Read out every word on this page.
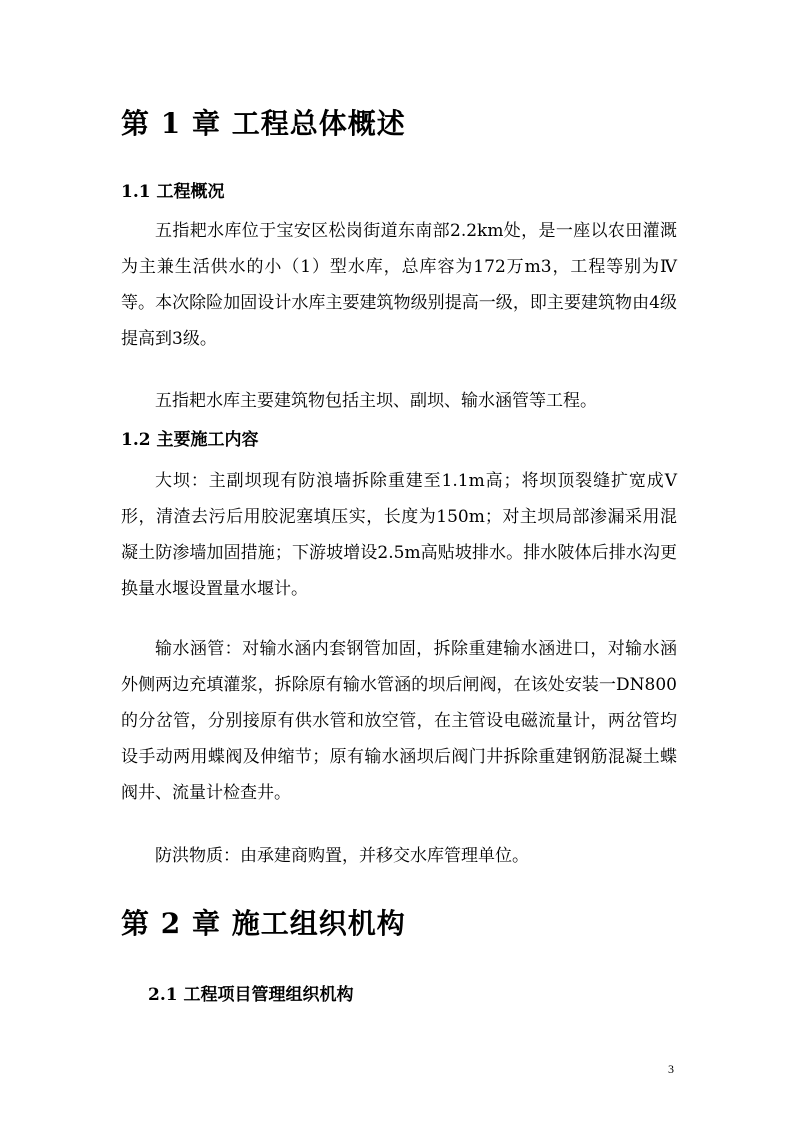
第 1 章 工程总体概述
1.1 工程概况
五指耙水库位于宝安区松岗街道东南部2.2km处，是一座以农田灌溉为主兼生活供水的小（1）型水库，总库容为172万m3，工程等别为Ⅳ等。本次除险加固设计水库主要建筑物级别提高一级，即主要建筑物由4级提高到3级。
五指耙水库主要建筑物包括主坝、副坝、输水涵管等工程。
1.2 主要施工内容
大坝：主副坝现有防浪墙拆除重建至1.1m高；将坝顶裂缝扩宽成V形，清渣去污后用胶泥塞填压实，长度为150m；对主坝局部渗漏采用混凝土防渗墙加固措施；下游坡增设2.5m高贴坡排水。排水陂体后排水沟更换量水堰设置量水堰计。
输水涵管：对输水涵内套钢管加固，拆除重建输水涵进口，对输水涵外侧两边充填灌浆，拆除原有输水管涵的坝后闸阀，在该处安装一DN800的分岔管，分别接原有供水管和放空管，在主管设电磁流量计，两岔管均设手动两用蝶阀及伸缩节；原有输水涵坝后阀门井拆除重建钢筋混凝土蝶阀井、流量计检查井。
防洪物质：由承建商购置，并移交水库管理单位。
第 2 章 施工组织机构
2.1 工程项目管理组织机构
3
